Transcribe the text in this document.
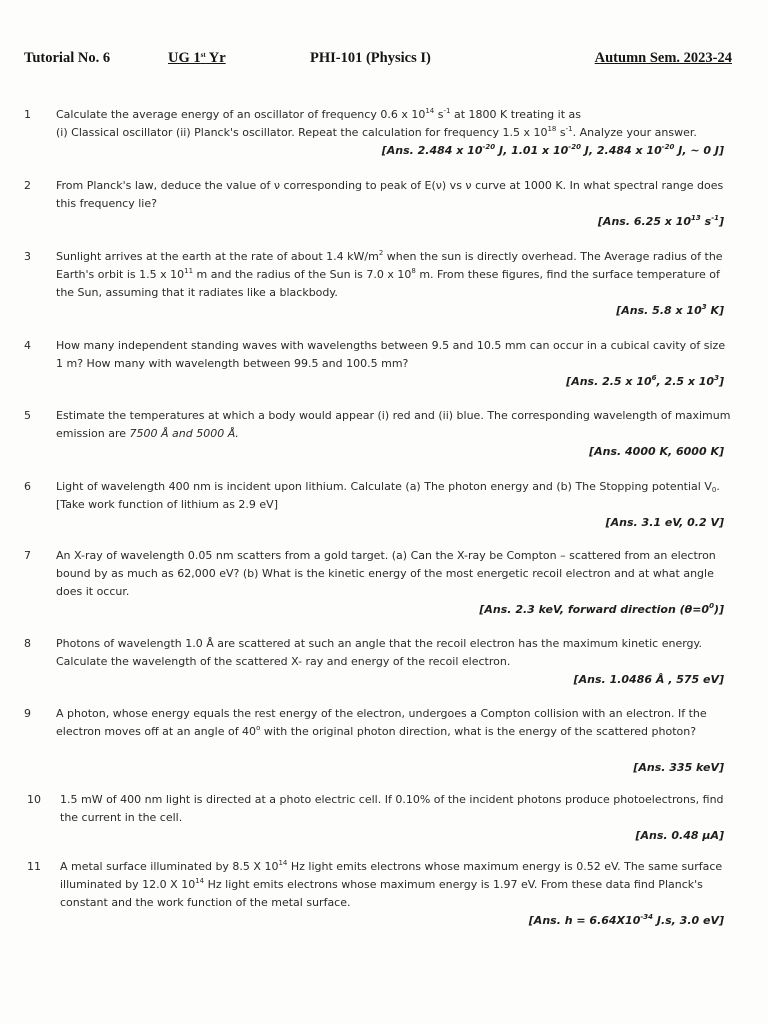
Tutorial No. 6	UG 1st Yr	PHI-101 (Physics I)	Autumn Sem. 2023-24
1 Calculate the average energy of an oscillator of frequency 0.6 x $10^{14}$ $s^{-1}$ at 1800 K treating it as
(i) Classical oscillator (ii) Planck's oscillator. Repeat the calculation for frequency 1.5 x $10^{18}$ $s^{-1}$. Analyze your answer.
[Ans. 2.484 x $10^{-20}$ J, 1.01 x $10^{-20}$ J, 2.484 x $10^{-20}$ J, ~ 0 J]
2 From Planck's law, deduce the value of ν corresponding to peak of E(ν) vs ν curve at 1000 K. In what spectral range does this frequency lie?
[Ans. 6.25 x $10^{13}$ $s^{-1}$]
3 Sunlight arrives at the earth at the rate of about 1.4 $kW/m^2$ when the sun is directly overhead. The Average radius of the Earth's orbit is 1.5 x $10^{11}$ m and the radius of the Sun is 7.0 x $10^8$ m. From these figures, find the surface temperature of the Sun, assuming that it radiates like a blackbody.
[Ans. 5.8 x $10^3$ K]
4 How many independent standing waves with wavelengths between 9.5 and 10.5 mm can occur in a cubical cavity of size 1 m? How many with wavelength between 99.5 and 100.5 mm?
[Ans. 2.5 x $10^6$, 2.5 x $10^3$]
5 Estimate the temperatures at which a body would appear (i) red and (ii) blue. The corresponding wavelength of maximum emission are 7500 Å and 5000 Å.
[Ans. 4000 K, 6000 K]
6 Light of wavelength 400 nm is incident upon lithium. Calculate (a) The photon energy and (b) The Stopping potential $V_0$. [Take work function of lithium as 2.9 eV]
[Ans. 3.1 eV, 0.2 V]
7 An X-ray of wavelength 0.05 nm scatters from a gold target. (a) Can the X-ray be Compton – scattered from an electron bound by as much as 62,000 eV? (b) What is the kinetic energy of the most energetic recoil electron and at what angle does it occur.
[Ans. 2.3 keV, forward direction $(\theta=0^0)$]
8 Photons of wavelength 1.0 Å are scattered at such an angle that the recoil electron has the maximum kinetic energy. Calculate the wavelength of the scattered X- ray and energy of the recoil electron.
[Ans. 1.0486 Å , 575 eV]
9 A photon, whose energy equals the rest energy of the electron, undergoes a Compton collision with an electron. If the electron moves off at an angle of 40$^o$ with the original photon direction, what is the energy of the scattered photon?
[Ans. 335 keV]
10 1.5 mW of 400 nm light is directed at a photo electric cell. If 0.10% of the incident photons produce photoelectrons, find the current in the cell.
[Ans. 0.48 μA]
11 A metal surface illuminated by 8.5 X $10^{14}$ Hz light emits electrons whose maximum energy is 0.52 eV. The same surface illuminated by 12.0 X $10^{14}$ Hz light emits electrons whose maximum energy is 1.97 eV. From these data find Planck's constant and the work function of the metal surface.
[Ans. $h = 6.64X10^{-34}$ J.s, 3.0 eV]
